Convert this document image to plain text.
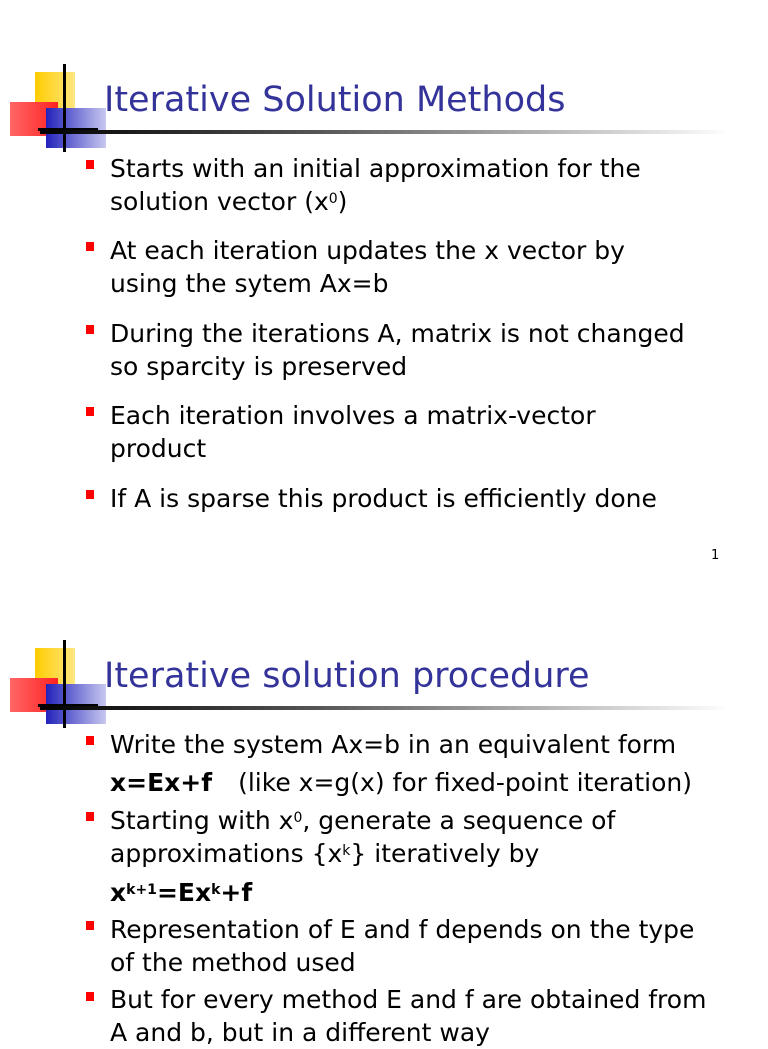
Iterative Solution Methods
Starts with an initial approximation for the
solution vector $(x^0)$
At each iteration updates the x vector by
using the sytem Ax=b
During the iterations A, matrix is not changed
so sparcity is preserved
Each iteration involves a matrix-vector
product
If A is sparse this product is efficiently done
1
Iterative solution procedure
Write the system Ax=b in an equivalent form
x=Ex+f (like x=g(x) for fixed-point iteration)
Starting with $x^0$, generate a sequence of
approximations $\{x^k\}$ iteratively by
$x^{k+1}=Ex^k+f$
Representation of E and f depends on the type
of the method used
But for every method E and f are obtained from
A and b, but in a different way
